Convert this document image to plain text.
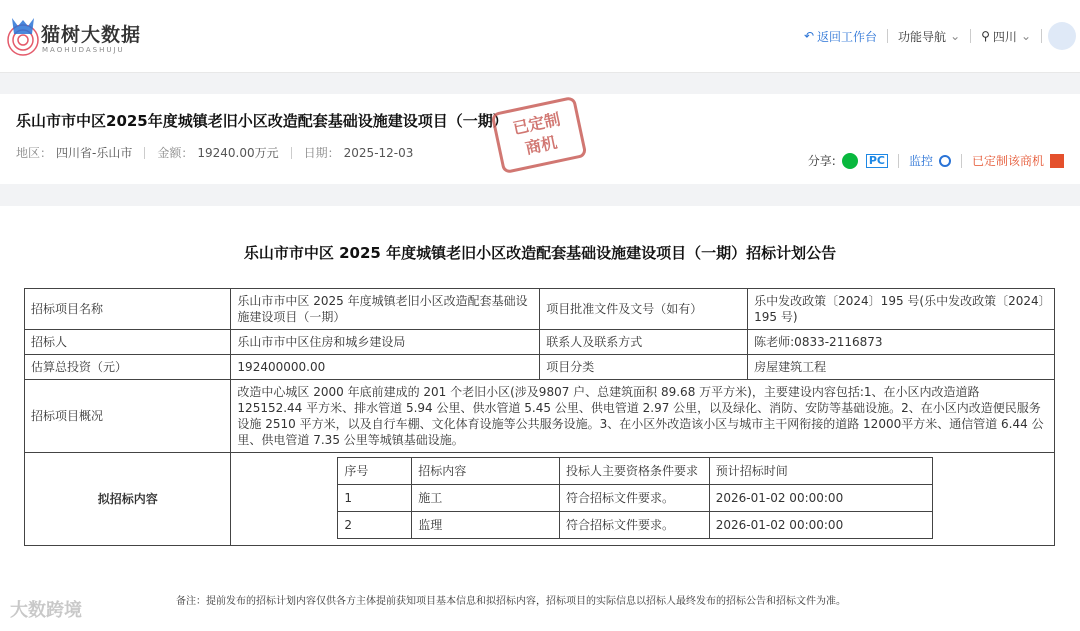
猫树大数据
MAOHUDASHUJU
↶ 返回工作台 功能导航 ⌄ ⚲ 四川 ⌄
乐山市市中区2025年度城镇老旧小区改造配套基础设施建设项目（一期） 已定制
商机
地区： 四川省-乐山市 金额： 19240.00万元 日期： 2025-12-03
分享:	PC 监控	已定制该商机
乐山市市中区 2025 年度城镇老旧小区改造配套基础设施建设项目（一期）招标计划公告
招标项目名称	乐山市市中区 2025 年度城镇老旧小区改造配套基础设施建设项目（一期）	项目批准文件及文号（如有）	乐中发改政策〔2024〕195 号(乐中发改政策〔2024〕195 号)
招标人	乐山市市中区住房和城乡建设局	联系人及联系方式	陈老师:0833-2116873
估算总投资（元）	192400000.00	项目分类	房屋建筑工程
招标项目概况	改造中心城区 2000 年底前建成的 201 个老旧小区(涉及9807 户、总建筑面积 89.68 万平方米)，主要建设内容包括:1、在小区内改造道路 125152.44 平方米、排水管道 5.94 公里、供水管道 5.45 公里、供电管道 2.97 公里，以及绿化、消防、安防等基础设施。2、在小区内改造便民服务设施 2510 平方米，以及自行车棚、文化体育设施等公共服务设施。3、在小区外改造该小区与城市主干网衔接的道路 12000平方米、通信管道 6.44 公里、供电管道 7.35 公里等城镇基础设施。
拟招标内容	
序号	招标内容	投标人主要资格条件要求	预计招标时间
1	施工	符合招标文件要求。	2026-01-02 00:00:00
2	监理	符合招标文件要求。	2026-01-02 00:00:00
备注：提前发布的招标计划内容仅供各方主体提前获知项目基本信息和拟招标内容，招标项目的实际信息以招标人最终发布的招标公告和招标文件为准。
大数跨境
